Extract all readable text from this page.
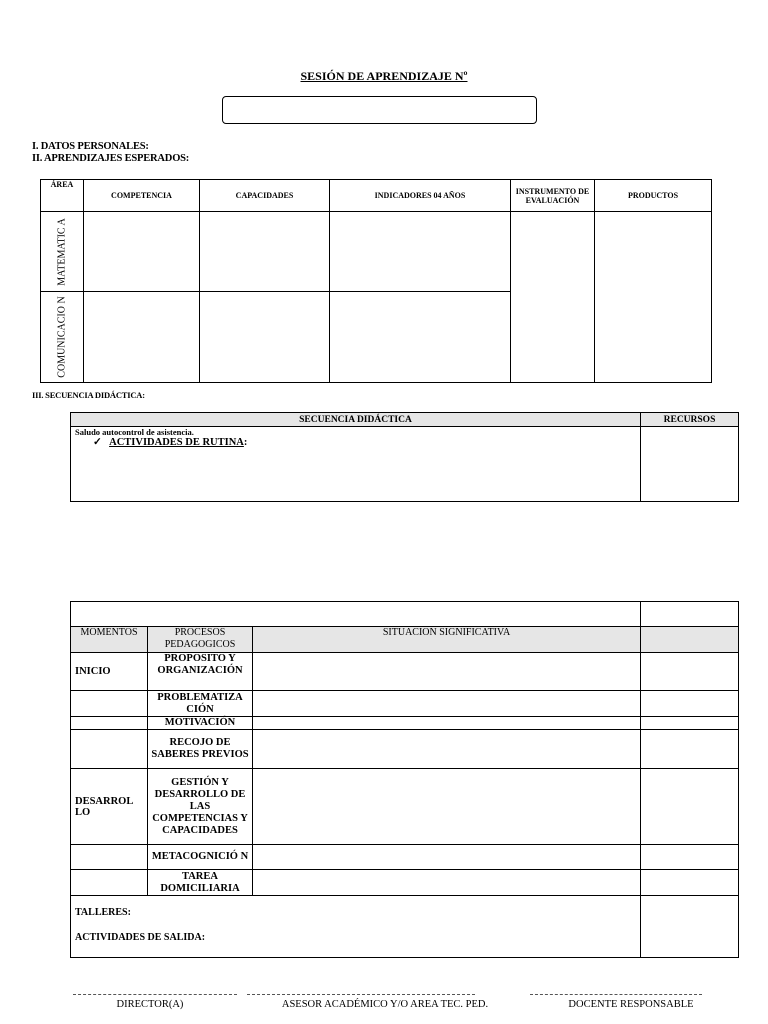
SESIÓN DE APRENDIZAJE Nº
I. DATOS PERSONALES:
II. APRENDIZAJES ESPERADOS:
ÁREA	COMPETENCIA	CAPACIDADES	INDICADORES 04 AÑOS	INSTRUMENTO DE EVALUACIÓN	PRODUCTOS

MATEMATIC A					

COMUNICACIO N					

III. SECUENCIA DIDÁCTICA:
SECUENCIA DIDÁCTICA	RECURSOS

Saludo autocontrol de asistencia.
✓ ACTIVIDADES DE RUTINA:	

MOMENTOS	PROCESOS PEDAGOGICOS	SITUACION SIGNIFICATIVA	
INICIO	PROPOSITO Y ORGANIZACIÓN		
	PROBLEMATIZA CIÓN		
	MOTIVACIÓN		
	RECOJO DE SABERES PREVIOS		
DESARROL LO	GESTIÓN Y DESARROLLO DE LAS COMPETENCIAS Y CAPACIDADES		
	METACOGNICIÓ N		
	TAREA DOMICILIARIA		

TALLERES:
ACTIVIDADES DE SALIDA:			

DIRECTOR(A)	ASESOR ACADÉMICO Y/O AREA TEC. PED.	DOCENTE RESPONSABLE
